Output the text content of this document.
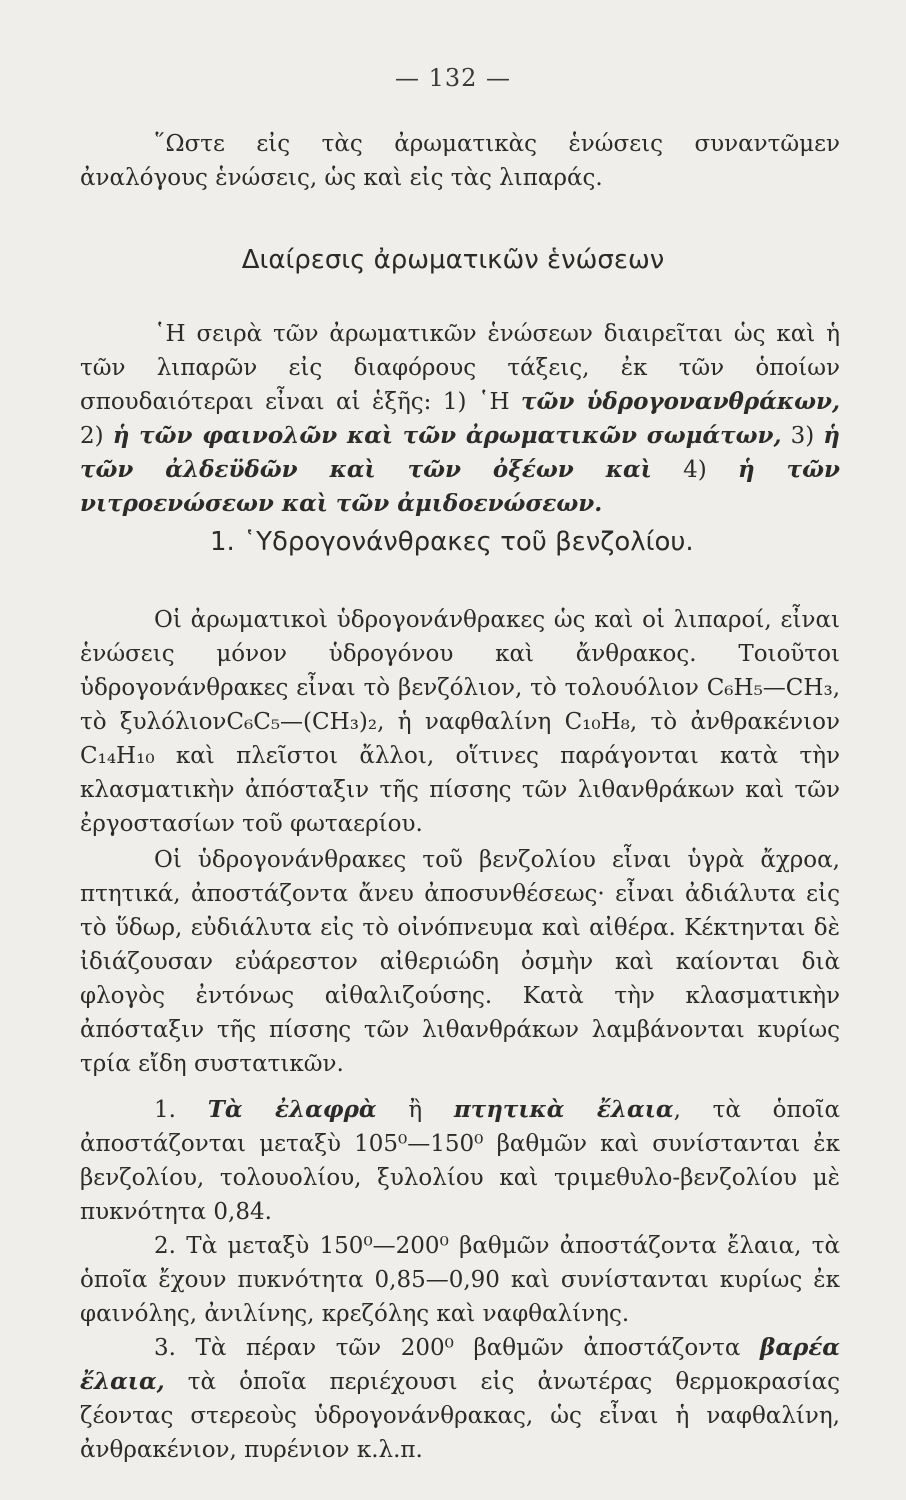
— 132 —

῞Ωστε εἰς τὰς ἀρωματικὰς ἑνώσεις συναντῶμεν ἀναλόγους ἑνώσεις, ὡς καὶ εἰς τὰς λιπαράς.

Διαίρεσις ἀρωματικῶν ἑνώσεων

῾Η σειρὰ τῶν ἀρωματικῶν ἑνώσεων διαιρεῖται ὡς καὶ ἡ τῶν λιπαρῶν εἰς διαφόρους τάξεις, ἐκ τῶν ὁποίων σπουδαιότεραι εἶναι αἱ ἑξῆς: 1) ῾Η τῶν ὑδρογονανθράκων, 2) ἡ τῶν φαινολῶν καὶ τῶν ἀρωματικῶν σωμάτων, 3) ἡ τῶν ἀλδεϋδῶν καὶ τῶν ὀξέων καὶ 4) ἡ τῶν νιτροενώσεων καὶ τῶν ἀμιδοενώσεων.

1. ῾Υδρογονάνθρακες τοῦ βενζολίου.

Οἱ ἀρωματικοὶ ὑδρογονάνθρακες ὡς καὶ οἱ λιπαροί, εἶναι ἑνώσεις μόνον ὑδρογόνου καὶ ἄνθρακος. Τοιοῦτοι ὑδρογονάνθρακες εἶναι τὸ βενζόλιον, τὸ τολουόλιον C₆H₅—CH₃, τὸ ξυλόλιονC₆C₅—(CH₃)₂, ἡ ναφθαλίνη C₁₀H₈, τὸ ἀνθρακένιον C₁₄H₁₀ καὶ πλεῖστοι ἄλλοι, οἵτινες παράγονται κατὰ τὴν κλασματικὴν ἀπόσταξιν τῆς πίσσης τῶν λιθανθράκων καὶ τῶν ἐργοστασίων τοῦ φωταερίου.

Οἱ ὑδρογονάνθρακες τοῦ βενζολίου εἶναι ὑγρὰ ἄχροα, πτητικά, ἀποστάζοντα ἄνευ ἀποσυνθέσεως· εἶναι ἀδιάλυτα εἰς τὸ ὕδωρ, εὐδιάλυτα εἰς τὸ οἰνόπνευμα καὶ αἰθέρα. Κέκτηνται δὲ ἰδιάζουσαν εὐάρεστον αἰθεριώδη ὀσμὴν καὶ καίονται διὰ φλογὸς ἐντόνως αἰθαλιζούσης. Κατὰ τὴν κλασματικὴν ἀπόσταξιν τῆς πίσσης τῶν λιθανθράκων λαμβάνονται κυρίως τρία εἴδη συστατικῶν.

1. Τὰ ἐλαφρὰ ἢ πτητικὰ ἔλαια, τὰ ὁποῖα ἀποστάζονται μεταξὺ 105⁰—150⁰ βαθμῶν καὶ συνίστανται ἐκ βενζολίου, τολουολίου, ξυλολίου καὶ τριμεθυλο-βενζολίου μὲ πυκνότητα 0,84.

2. Τὰ μεταξὺ 150⁰—200⁰ βαθμῶν ἀποστάζοντα ἔλαια, τὰ ὁποῖα ἔχουν πυκνότητα 0,85—0,90 καὶ συνίστανται κυρίως ἐκ φαινόλης, ἀνιλίνης, κρεζόλης καὶ ναφθαλίνης.

3. Τὰ πέραν τῶν 200⁰ βαθμῶν ἀποστάζοντα βαρέα ἔλαια, τὰ ὁποῖα περιέχουσι εἰς ἀνωτέρας θερμοκρασίας ζέοντας στερεοὺς ὑδρογονάνθρακας, ὡς εἶναι ἡ ναφθαλίνη, ἀνθρακένιον, πυρένιον κ.λ.π.
